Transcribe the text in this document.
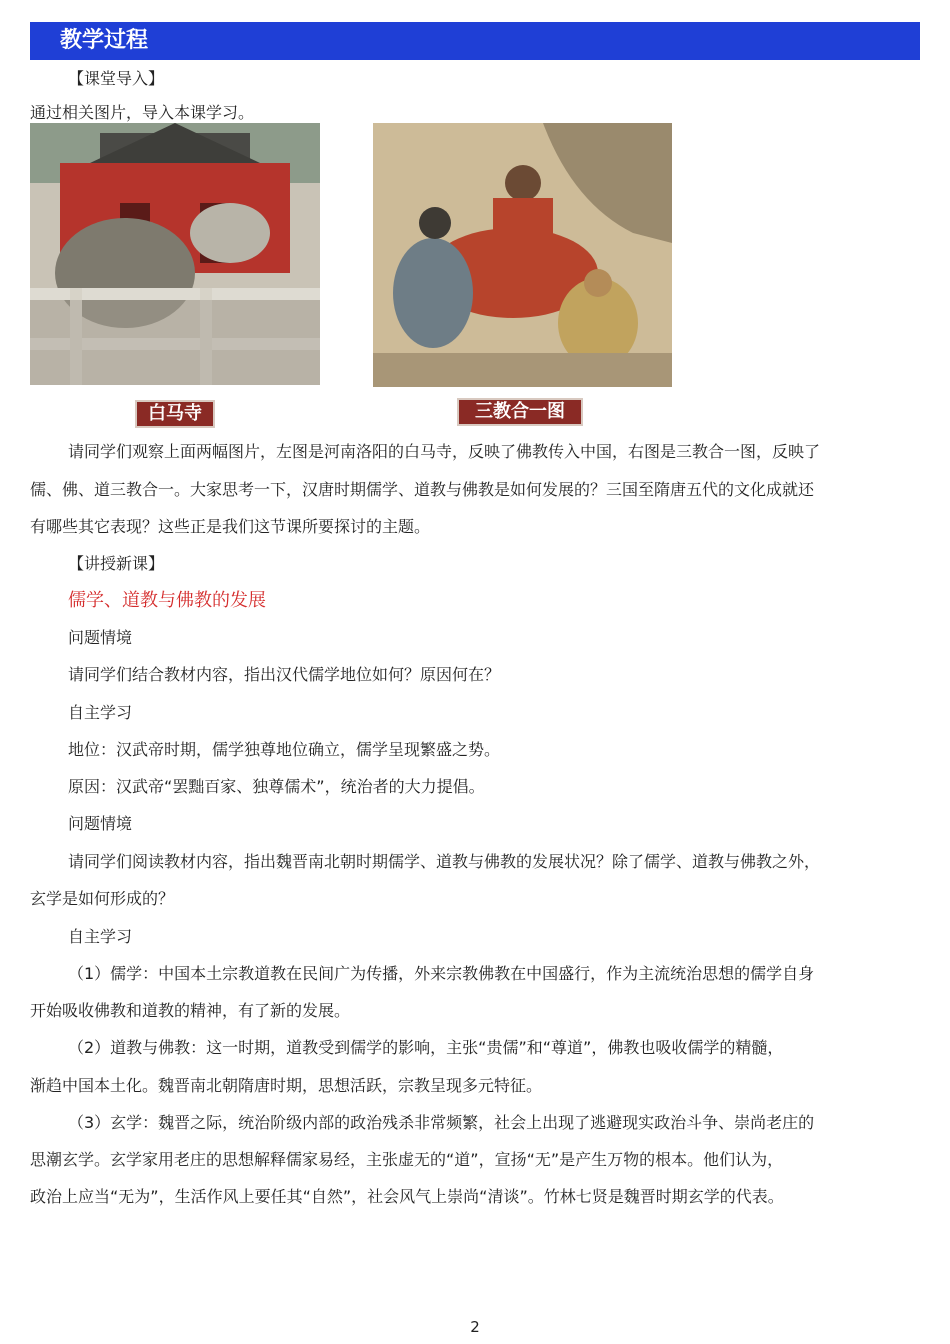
教学过程
【课堂导入】
通过相关图片，导入本课学习。
白马寺	三教合一图
请同学们观察上面两幅图片，左图是河南洛阳的白马寺，反映了佛教传入中国，右图是三教合一图，反映了
儒、佛、道三教合一。大家思考一下，汉唐时期儒学、道教与佛教是如何发展的？三国至隋唐五代的文化成就还
有哪些其它表现？这些正是我们这节课所要探讨的主题。
【讲授新课】
儒学、道教与佛教的发展
问题情境
请同学们结合教材内容，指出汉代儒学地位如何？原因何在？
自主学习
地位：汉武帝时期，儒学独尊地位确立，儒学呈现繁盛之势。
原因：汉武帝“罢黜百家、独尊儒术”，统治者的大力提倡。
问题情境
请同学们阅读教材内容，指出魏晋南北朝时期儒学、道教与佛教的发展状况？除了儒学、道教与佛教之外，
玄学是如何形成的？
自主学习
（1）儒学：中国本土宗教道教在民间广为传播，外来宗教佛教在中国盛行，作为主流统治思想的儒学自身
开始吸收佛教和道教的精神，有了新的发展。
（2）道教与佛教：这一时期，道教受到儒学的影响，主张“贵儒”和“尊道”，佛教也吸收儒学的精髓，
渐趋中国本土化。魏晋南北朝隋唐时期，思想活跃，宗教呈现多元特征。
（3）玄学：魏晋之际，统治阶级内部的政治残杀非常频繁，社会上出现了逃避现实政治斗争、崇尚老庄的
思潮玄学。玄学家用老庄的思想解释儒家易经，主张虚无的“道”，宣扬“无”是产生万物的根本。他们认为，
政治上应当“无为”，生活作风上要任其“自然”，社会风气上崇尚“清谈”。竹林七贤是魏晋时期玄学的代表。
2
